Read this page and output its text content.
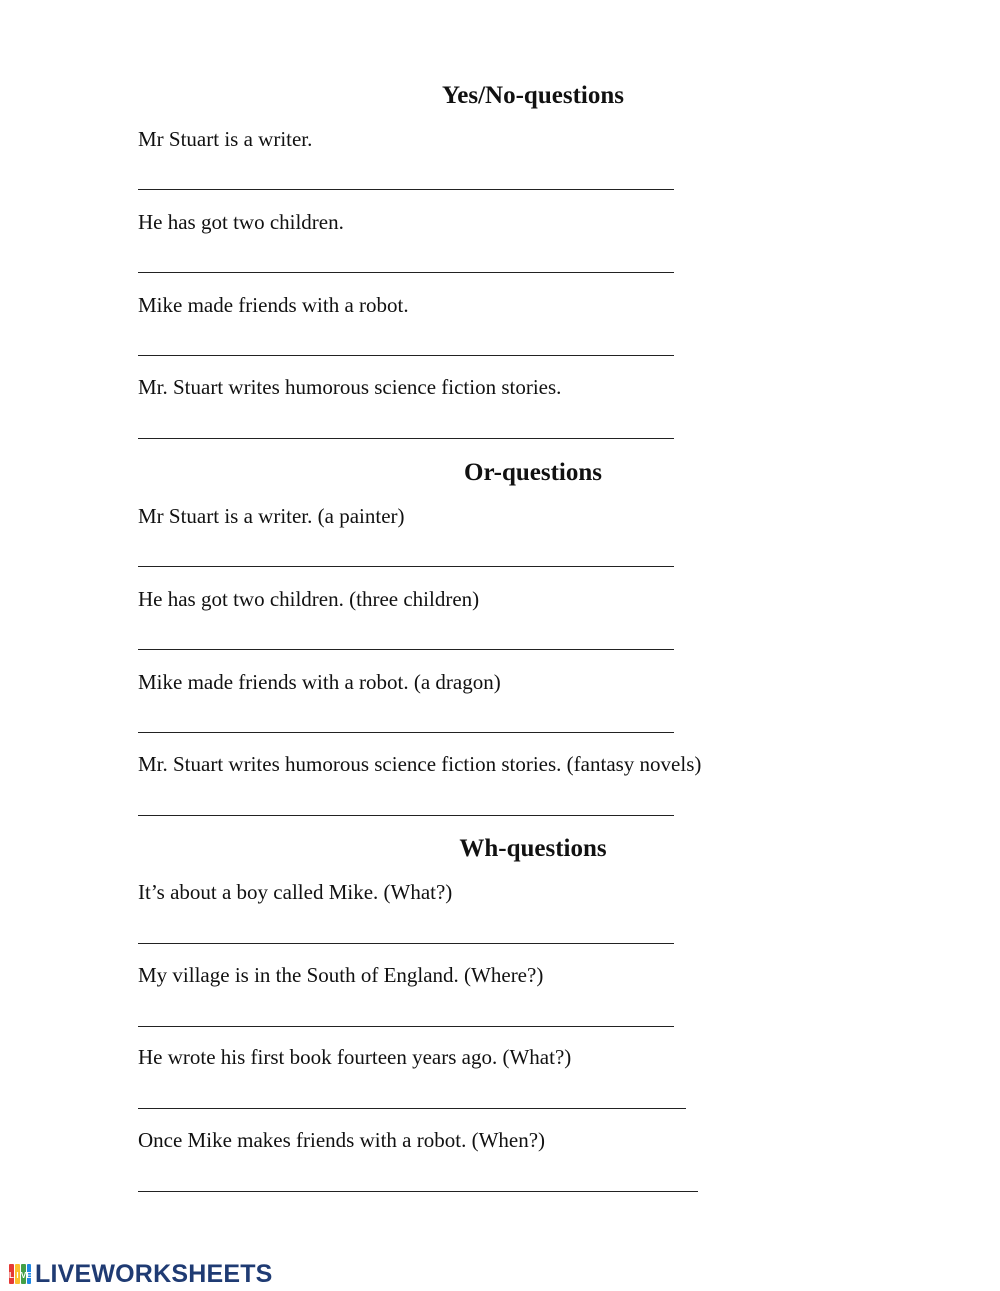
Yes/No-questions

Mr Stuart is a writer.

He has got two children.

Mike made friends with a robot.

Mr. Stuart writes humorous science fiction stories.

Or-questions

Mr Stuart is a writer. (a painter)

He has got two children. (three children)

Mike made friends with a robot. (a dragon)

Mr. Stuart writes humorous science fiction stories. (fantasy novels)

Wh-questions

It’s about a boy called Mike. (What?)

My village is in the South of England. (Where?)

He wrote his first book fourteen years ago. (What?)

Once Mike makes friends with a robot. (When?)

L I V E LIVEWORKSHEETS
